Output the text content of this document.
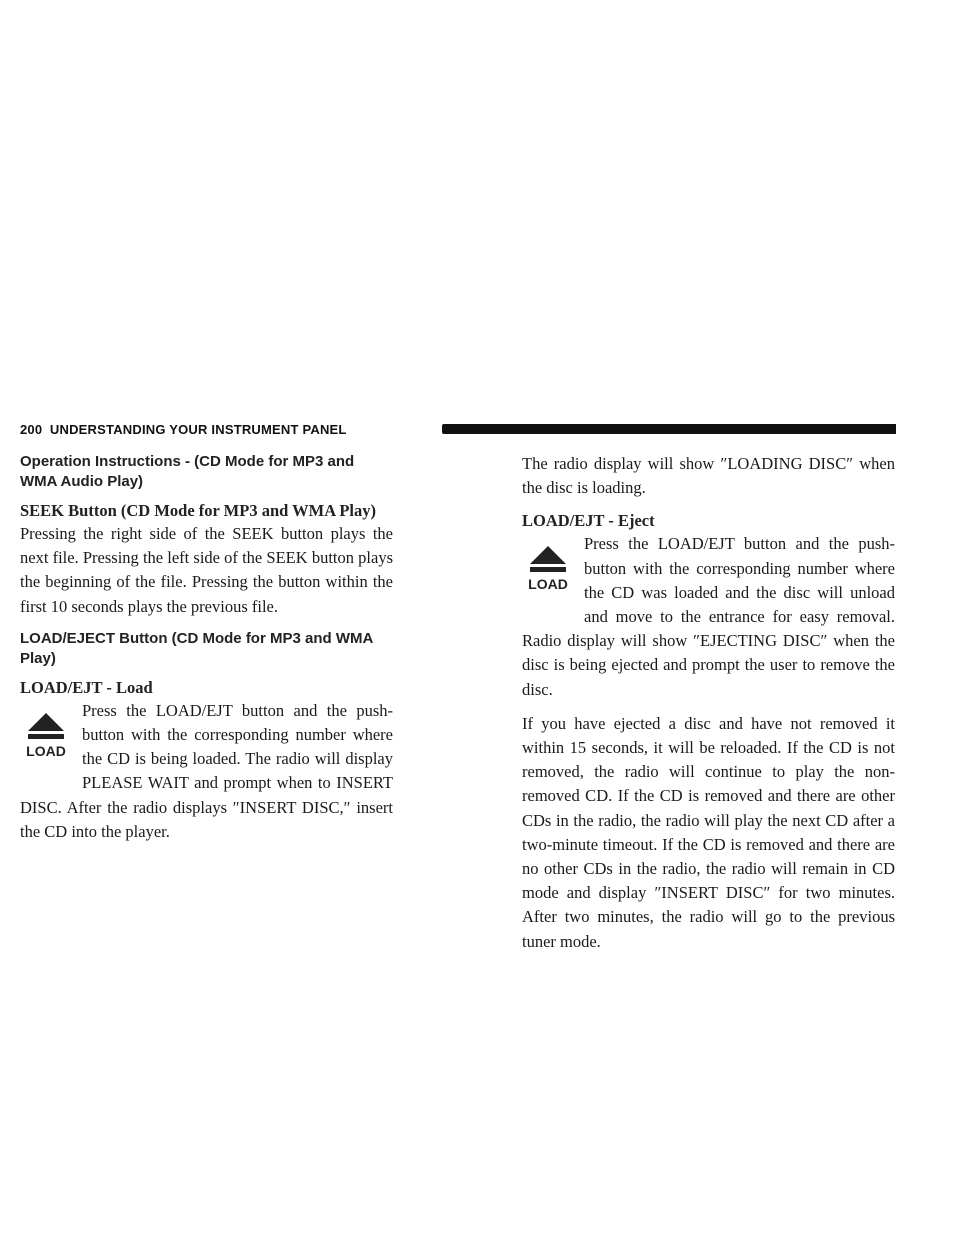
200 UNDERSTANDING YOUR INSTRUMENT PANEL
Operation Instructions - (CD Mode for MP3 and WMA Audio Play)
SEEK Button (CD Mode for MP3 and WMA Play)

Pressing the right side of the SEEK button plays the next file. Pressing the left side of the SEEK button plays the beginning of the file. Pressing the button within the first 10 seconds plays the previous file.

LOAD/EJECT Button (CD Mode for MP3 and WMA Play)
LOAD/EJT - Load
LOAD

Press the LOAD/EJT button and the push-button with the corresponding number where the CD is being loaded. The radio will display PLEASE WAIT and prompt when to INSERT DISC. After the radio displays ″INSERT DISC,″ insert the CD into the player.

The radio display will show ″LOADING DISC″ when the disc is loading.

LOAD/EJT - Eject
LOAD

Press the LOAD/EJT button and the push-button with the corresponding number where the CD was loaded and the disc will unload and move to the entrance for easy removal. Radio display will show ″EJECTING DISC″ when the disc is being ejected and prompt the user to remove the disc.

If you have ejected a disc and have not removed it within 15 seconds, it will be reloaded. If the CD is not removed, the radio will continue to play the non-removed CD. If the CD is removed and there are other CDs in the radio, the radio will play the next CD after a two-minute timeout. If the CD is removed and there are no other CDs in the radio, the radio will remain in CD mode and display ″INSERT DISC″ for two minutes. After two minutes, the radio will go to the previous tuner mode.
